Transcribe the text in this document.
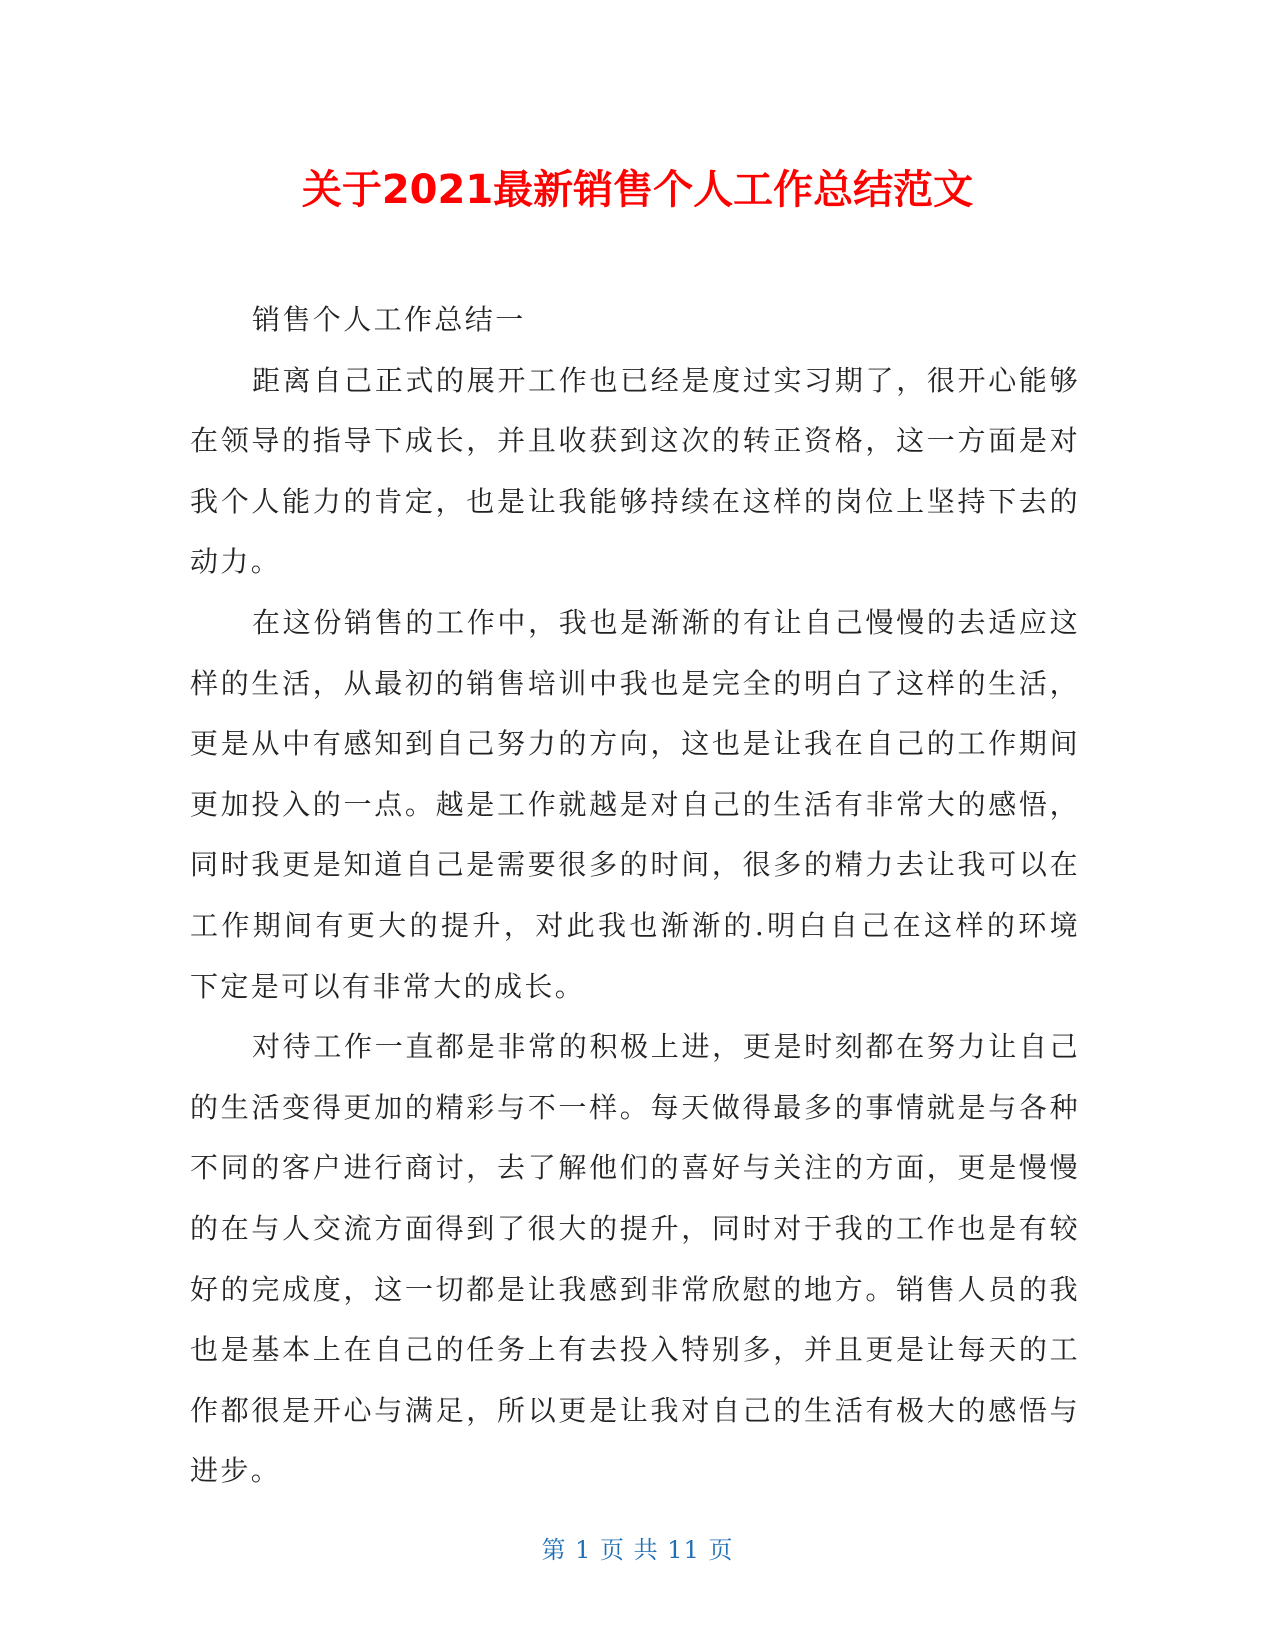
关于2021最新销售个人工作总结范文

销售个人工作总结一

距离自己正式的展开工作也已经是度过实习期了，很开心能够在领导的指导下成长，并且收获到这次的转正资格，这一方面是对我个人能力的肯定，也是让我能够持续在这样的岗位上坚持下去的动力。

在这份销售的工作中，我也是渐渐的有让自己慢慢的去适应这样的生活，从最初的销售培训中我也是完全的明白了这样的生活，更是从中有感知到自己努力的方向，这也是让我在自己的工作期间更加投入的一点。越是工作就越是对自己的生活有非常大的感悟，同时我更是知道自己是需要很多的时间，很多的精力去让我可以在工作期间有更大的提升，对此我也渐渐的.明白自己在这样的环境下定是可以有非常大的成长。

对待工作一直都是非常的积极上进，更是时刻都在努力让自己的生活变得更加的精彩与不一样。每天做得最多的事情就是与各种不同的客户进行商讨，去了解他们的喜好与关注的方面，更是慢慢的在与人交流方面得到了很大的提升，同时对于我的工作也是有较好的完成度，这一切都是让我感到非常欣慰的地方。销售人员的我也是基本上在自己的任务上有去投入特别多，并且更是让每天的工作都很是开心与满足，所以更是让我对自己的生活有极大的感悟与进步。

第 1 页 共 11 页
